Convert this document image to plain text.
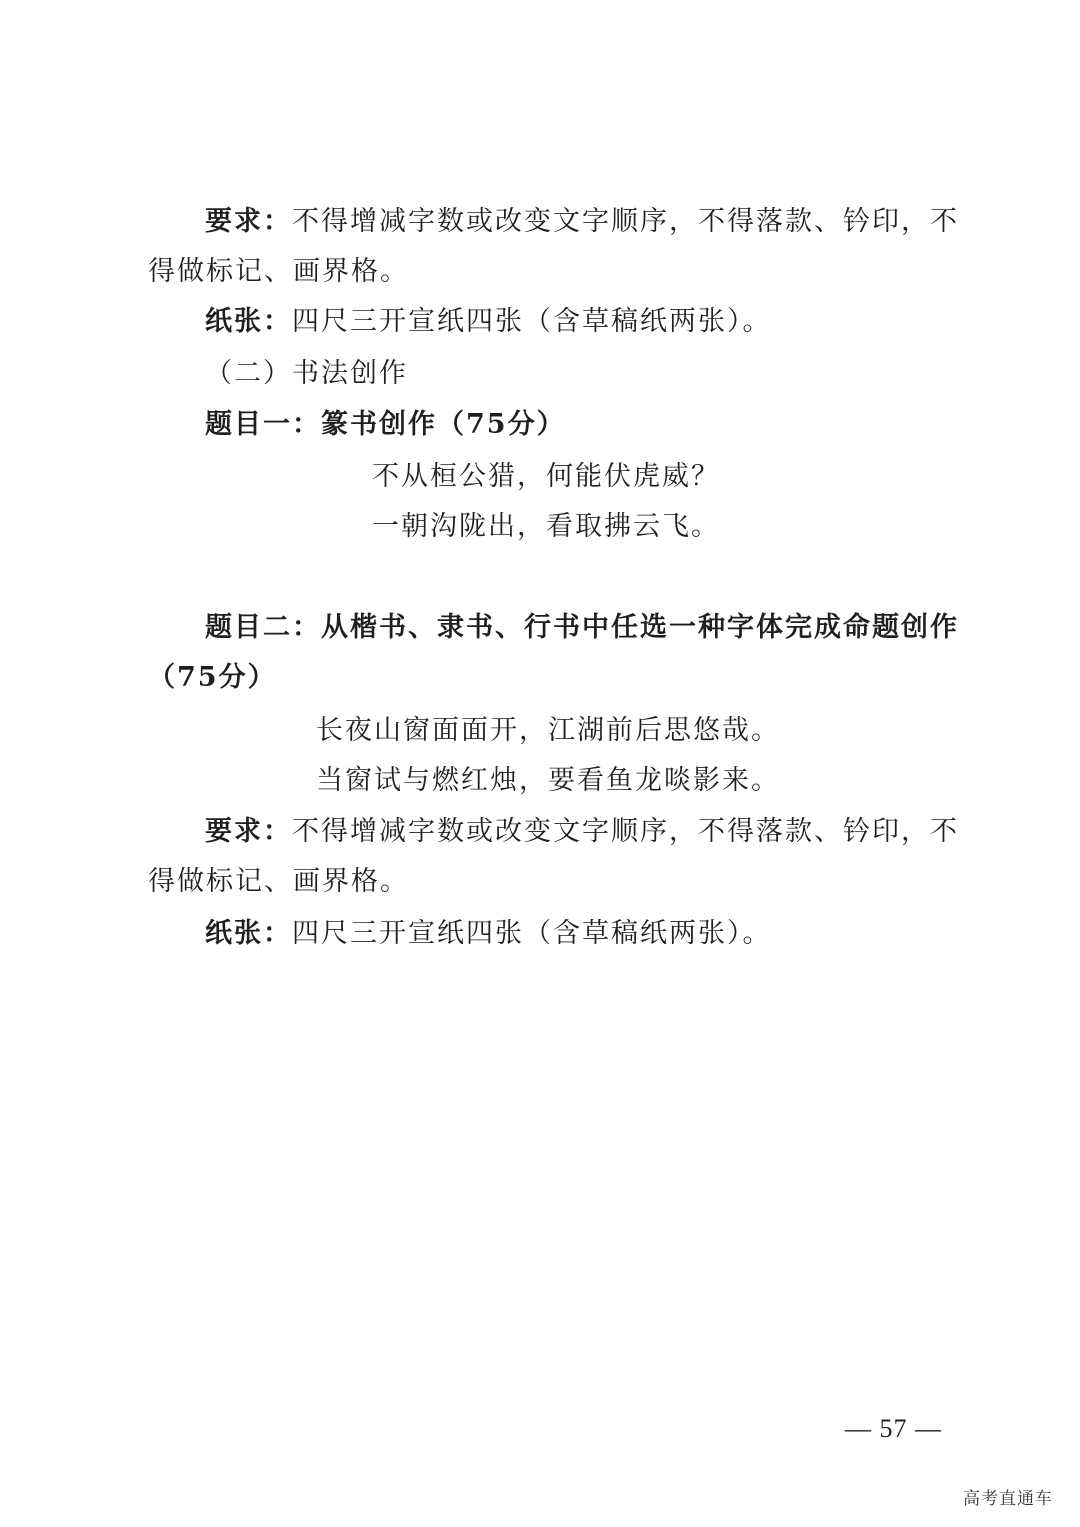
要求：不得增减字数或改变文字顺序，不得落款、钤印，不
得做标记、画界格。
纸张：四尺三开宣纸四张（含草稿纸两张）。
（二）书法创作
题目一：篆书创作（75分）
不从桓公猎，何能伏虎威？
一朝沟陇出，看取拂云飞。
题目二：从楷书、隶书、行书中任选一种字体完成命题创作
（75分）
长夜山窗面面开，江湖前后思悠哉。
当窗试与燃红烛，要看鱼龙啖影来。
要求：不得增减字数或改变文字顺序，不得落款、钤印，不
得做标记、画界格。
纸张：四尺三开宣纸四张（含草稿纸两张）。
— 57 —
高考直通车
